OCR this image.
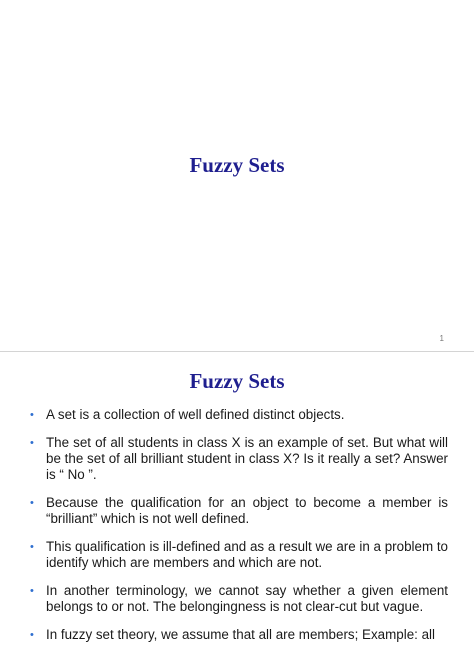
Fuzzy Sets
1
Fuzzy Sets
• A set is a collection of well defined distinct objects.
• The set of all students in class X is an example of set. But what will be the set of all brilliant student in class X? Is it really a set? Answer is “ No ”.
• Because the qualification for an object to become a member is “brilliant” which is not well defined.
• This qualification is ill-defined and as a result we are in a problem to identify which are members and which are not.
• In another terminology, we cannot say whether a given element belongs to or not. The belongingness is not clear-cut but vague.
• In fuzzy set theory, we assume that all are members; Example: all
